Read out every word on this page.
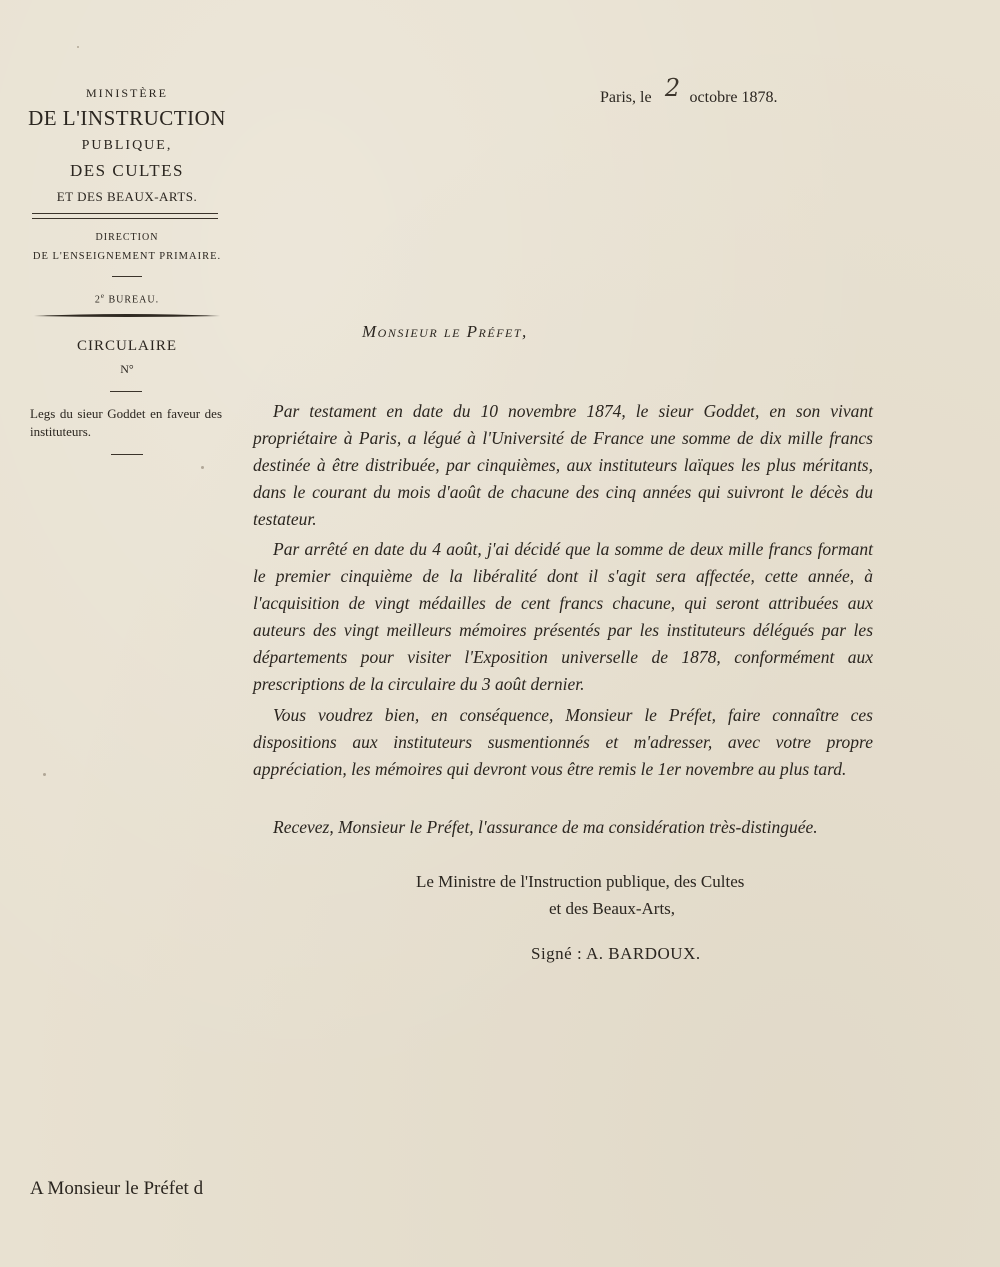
MINISTÈRE
DE L'INSTRUCTION
PUBLIQUE,
DES CULTES
ET DES BEAUX-ARTS.
DIRECTION
DE L'ENSEIGNEMENT PRIMAIRE.
2e BUREAU.
CIRCULAIRE
N°
Legs du sieur Goddet en faveur des instituteurs.
Paris, le 2 octobre 1878.
Monsieur le Préfet,

Par testament en date du 10 novembre 1874, le sieur Goddet, en son vivant propriétaire à Paris, a légué à l'Université de France une somme de dix mille francs destinée à être distribuée, par cinquièmes, aux instituteurs laïques les plus méritants, dans le courant du mois d'août de chacune des cinq années qui suivront le décès du testateur.

Par arrêté en date du 4 août, j'ai décidé que la somme de deux mille francs formant le premier cinquième de la libéralité dont il s'agit sera affectée, cette année, à l'acquisition de vingt médailles de cent francs chacune, qui seront attribuées aux auteurs des vingt meilleurs mémoires présentés par les instituteurs délégués par les départements pour visiter l'Exposition universelle de 1878, conformément aux prescriptions de la circulaire du 3 août dernier.

Vous voudrez bien, en conséquence, Monsieur le Préfet, faire connaître ces dispositions aux instituteurs susmentionnés et m'adresser, avec votre propre appréciation, les mémoires qui devront vous être remis le 1er novembre au plus tard.

Recevez, Monsieur le Préfet, l'assurance de ma considération très-distinguée.

Le Ministre de l'Instruction publique, des Cultes
et des Beaux-Arts,
Signé : A. BARDOUX.
A Monsieur le Préfet d
